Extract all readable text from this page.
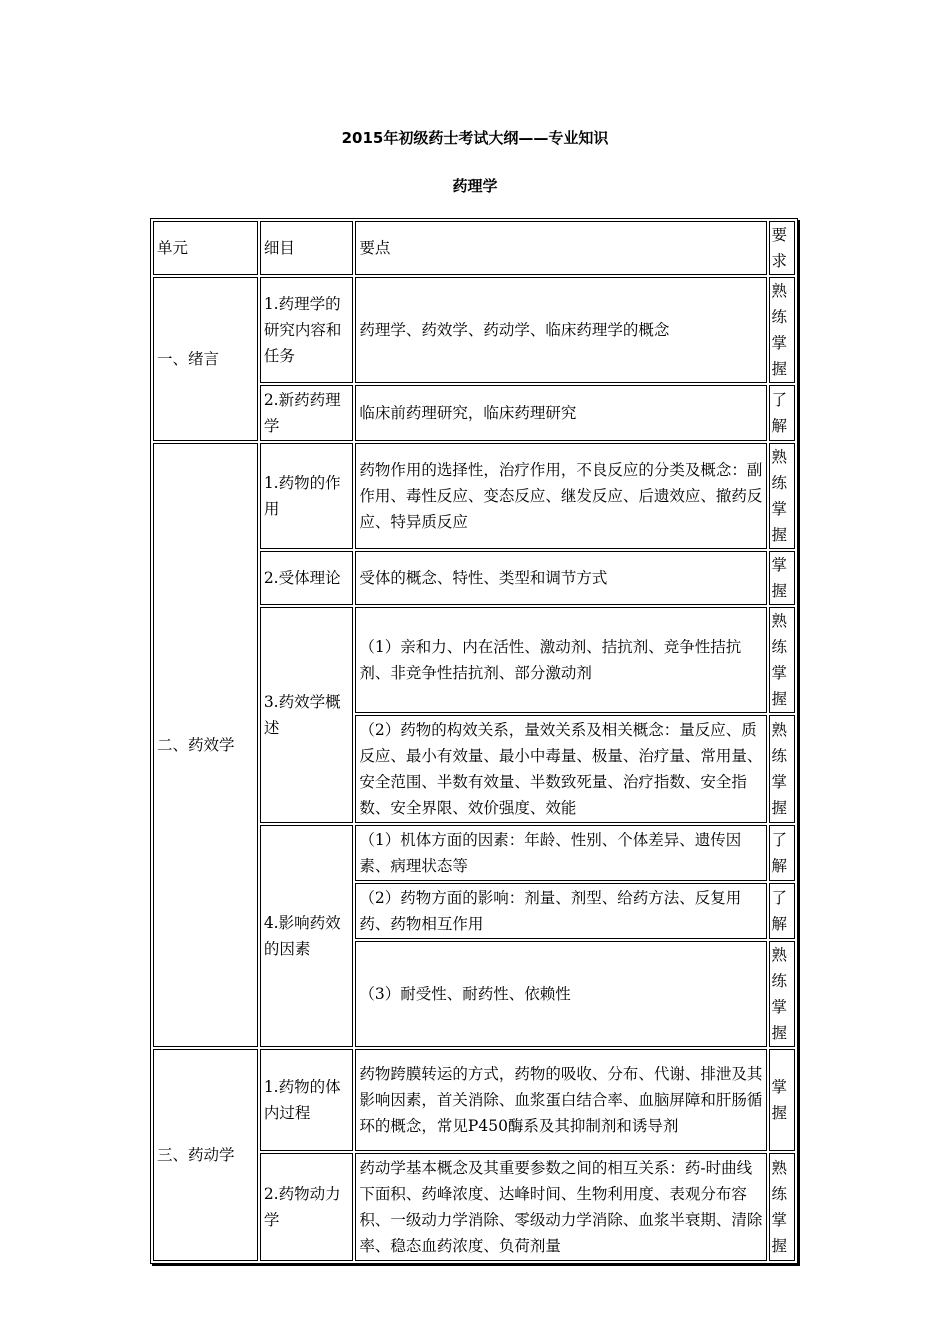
2015年初级药士考试大纲——专业知识
药理学
单元	细目	要点	要求
一、绪言	1.药理学的研究内容和任务	药理学、药效学、药动学、临床药理学的概念	熟练掌握
	2.新药药理学	临床前药理研究，临床药理研究	了解
二、药效学	1.药物的作用	药物作用的选择性，治疗作用，不良反应的分类及概念：副作用、毒性反应、变态反应、继发反应、后遗效应、撤药反应、特异质反应	熟练掌握
	2.受体理论	受体的概念、特性、类型和调节方式	掌握
	3.药效学概述	（1）亲和力、内在活性、激动剂、拮抗剂、竞争性拮抗剂、非竞争性拮抗剂、部分激动剂	熟练掌握
		（2）药物的构效关系，量效关系及相关概念：量反应、质反应、最小有效量、最小中毒量、极量、治疗量、常用量、安全范围、半数有效量、半数致死量、治疗指数、安全指数、安全界限、效价强度、效能	熟练掌握
	4.影响药效的因素	（1）机体方面的因素：年龄、性别、个体差异、遗传因素、病理状态等	了解
		（2）药物方面的影响：剂量、剂型、给药方法、反复用药、药物相互作用	了解
		（3）耐受性、耐药性、依赖性	熟练掌握
三、药动学	1.药物的体内过程	药物跨膜转运的方式，药物的吸收、分布、代谢、排泄及其影响因素，首关消除、血浆蛋白结合率、血脑屏障和肝肠循环的概念，常见P450酶系及其抑制剂和诱导剂	掌握
	2.药物动力学	药动学基本概念及其重要参数之间的相互关系：药-时曲线下面积、药峰浓度、达峰时间、生物利用度、表观分布容积、一级动力学消除、零级动力学消除、血浆半衰期、清除率、稳态血药浓度、负荷剂量	熟练掌握
